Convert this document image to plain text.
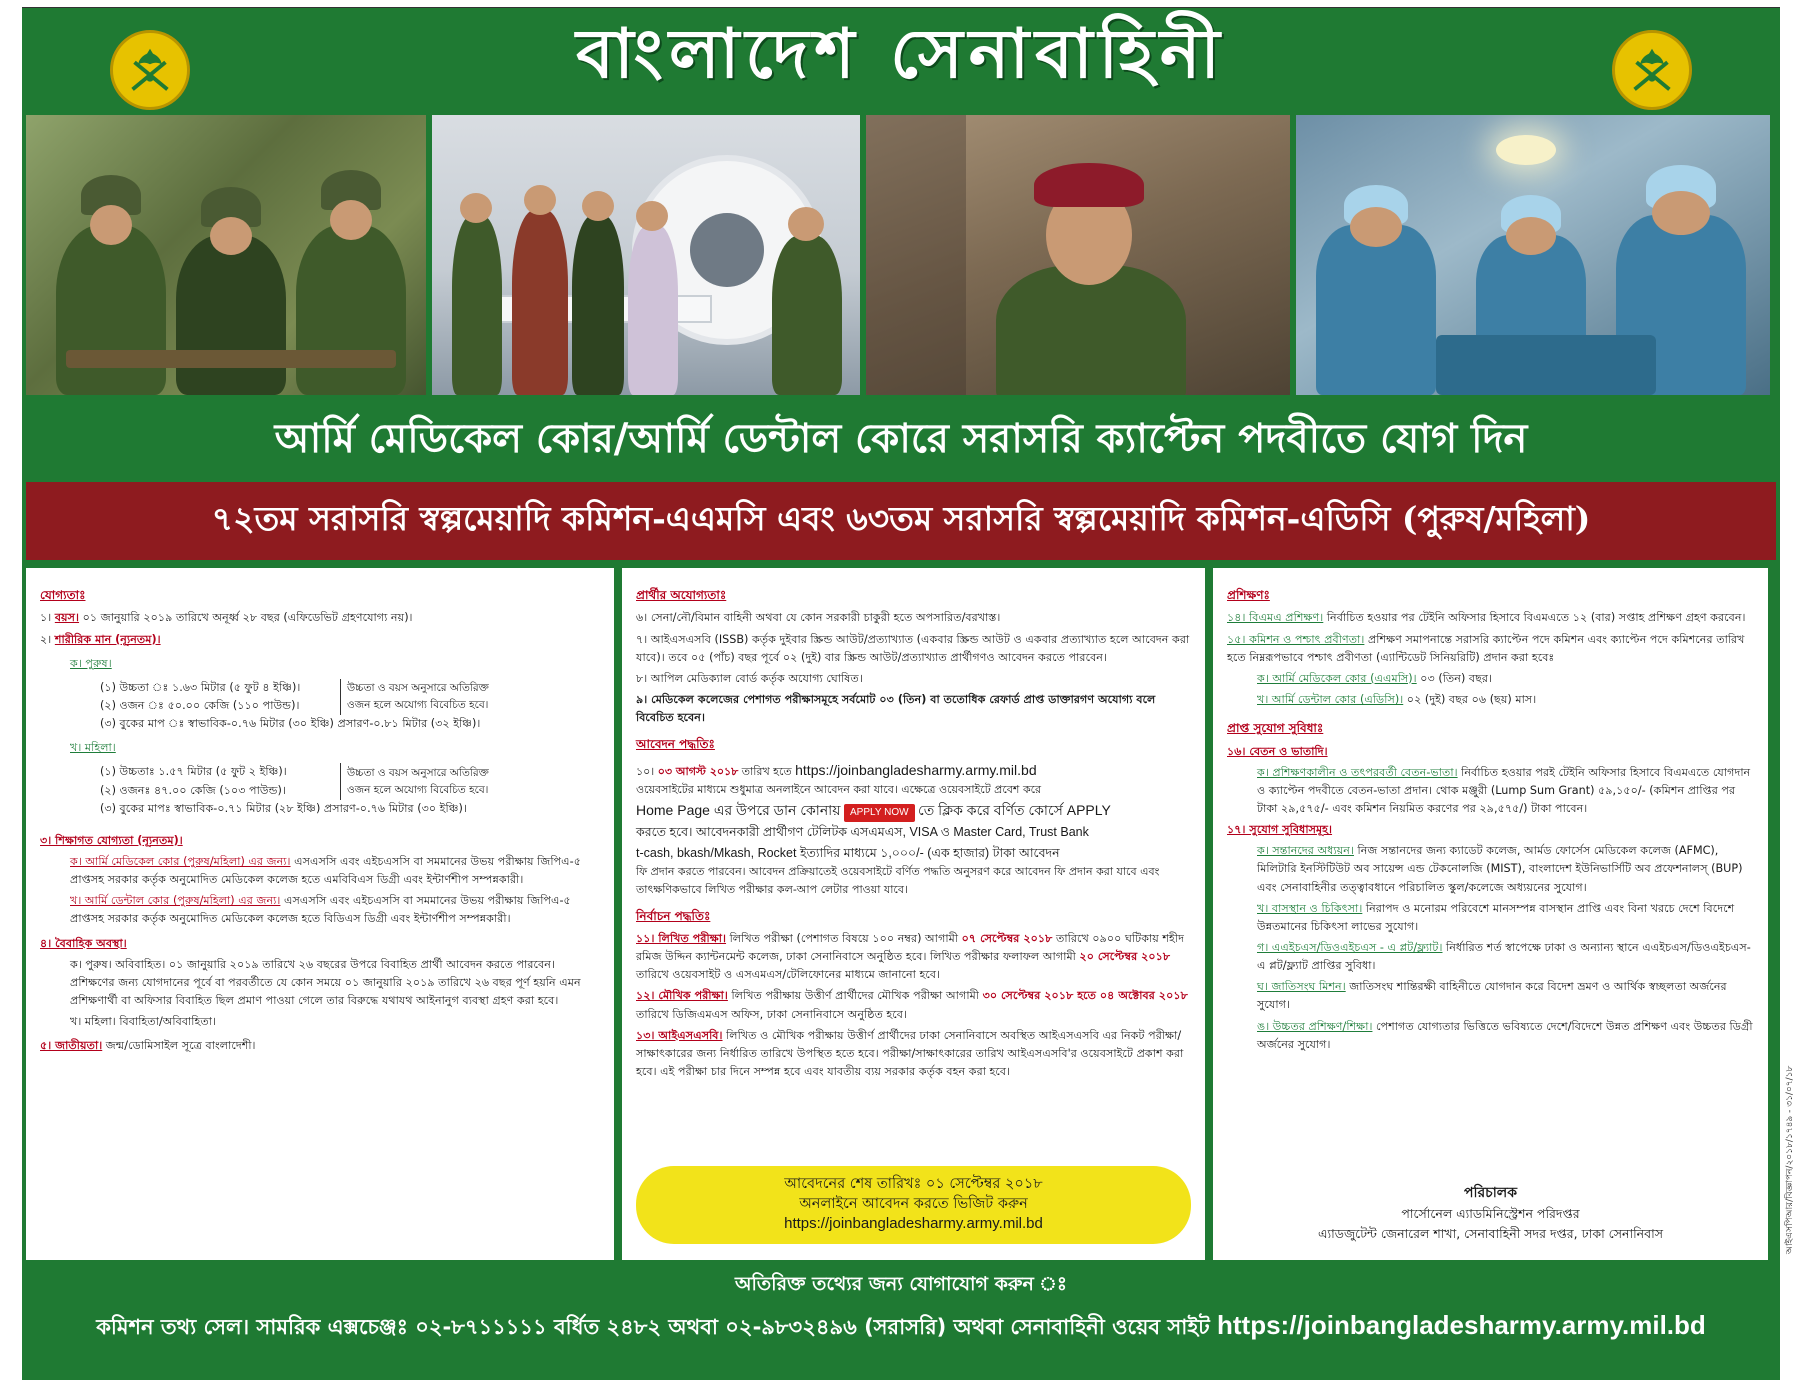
বাংলাদেশ সেনাবাহিনী
আর্মি মেডিকেল কোর/আর্মি ডেন্টাল কোরে সরাসরি ক্যাপ্টেন পদবীতে যোগ দিন
৭২তম সরাসরি স্বল্পমেয়াদি কমিশন-এএমসি এবং ৬৩তম সরাসরি স্বল্পমেয়াদি কমিশন-এডিসি (পুরুষ/মহিলা)
যোগ্যতাঃ
১। বয়স। ০১ জানুয়ারি ২০১৯ তারিখে অনূর্ধ্ব ২৮ বছর (এফিডেভিট গ্রহণযোগ্য নয়)।
২। শারীরিক মান (ন্যূনতম)।
ক। পুরুষ।
(১) উচ্চতা ঃ ১.৬৩ মিটার (৫ ফুট ৪ ইঞ্চি)।
(২) ওজন ঃ ৫০.০০ কেজি (১১০ পাউন্ড)।
উচ্চতা ও বয়স অনুসারে অতিরিক্ত
ওজন হলে অযোগ্য বিবেচিত হবে।
(৩) বুকের মাপ ঃ স্বাভাবিক-০.৭৬ মিটার (৩০ ইঞ্চি) প্রসারণ-০.৮১ মিটার (৩২ ইঞ্চি)।
খ। মহিলা।
(১) উচ্চতাঃ ১.৫৭ মিটার (৫ ফুট ২ ইঞ্চি)।
(২) ওজনঃ ৪৭.০০ কেজি (১০৩ পাউন্ড)।
উচ্চতা ও বয়স অনুসারে অতিরিক্ত
ওজন হলে অযোগ্য বিবেচিত হবে।
(৩) বুকের মাপঃ স্বাভাবিক-০.৭১ মিটার (২৮ ইঞ্চি) প্রসারণ-০.৭৬ মিটার (৩০ ইঞ্চি)।
৩। শিক্ষাগত যোগ্যতা (ন্যূনতম)।
ক। আর্মি মেডিকেল কোর (পুরুষ/মহিলা) এর জন্য। এসএসসি এবং এইচএসসি বা সমমানের উভয় পরীক্ষায় জিপিএ-৫ প্রাপ্তসহ সরকার কর্তৃক অনুমোদিত মেডিকেল কলেজ হতে এমবিবিএস ডিগ্রী এবং ইন্টার্ণশীপ সম্পন্নকারী।
খ। আর্মি ডেন্টাল কোর (পুরুষ/মহিলা) এর জন্য। এসএসসি এবং এইচএসসি বা সমমানের উভয় পরীক্ষায় জিপিএ-৫ প্রাপ্তসহ সরকার কর্তৃক অনুমোদিত মেডিকেল কলেজ হতে বিডিএস ডিগ্রী এবং ইন্টার্ণশীপ সম্পন্নকারী।
৪। বৈবাহিক অবস্থা।
ক। পুরুষ। অবিবাহিত। ০১ জানুয়ারি ২০১৯ তারিখে ২৬ বছরের উপরে বিবাহিত প্রার্থী আবেদন করতে পারবেন। প্রশিক্ষণের জন্য যোগদানের পূর্বে বা পরবর্তীতে যে কোন সময়ে ০১ জানুয়ারি ২০১৯ তারিখে ২৬ বছর পূর্ণ হয়নি এমন প্রশিক্ষণার্থী বা অফিসার বিবাহিত ছিল প্রমাণ পাওয়া গেলে তার বিরুদ্ধে যথাযথ আইনানুগ ব্যবস্থা গ্রহণ করা হবে।
খ। মহিলা। বিবাহিতা/অবিবাহিতা।
৫। জাতীয়তা। জন্ম/ডোমিসাইল সূত্রে বাংলাদেশী।
প্রার্থীর অযোগ্যতাঃ
৬। সেনা/নৌ/বিমান বাহিনী অথবা যে কোন সরকারী চাকুরী হতে অপসারিত/বরখাস্ত।
৭। আইএসএসবি (ISSB) কর্তৃক দুইবার স্ক্রিন্ড আউট/প্রত্যাখ্যাত (একবার স্ক্রিন্ড আউট ও একবার প্রত্যাখ্যাত হলে আবেদন করা যাবে)। তবে ০৫ (পাঁচ) বছর পূর্বে ০২ (দুই) বার স্ক্রিন্ড আউট/প্রত্যাখ্যাত প্রার্থীগণও আবেদন করতে পারবেন।
৮। আপিল মেডিক্যাল বোর্ড কর্তৃক অযোগ্য ঘোষিত।
৯। মেডিকেল কলেজের পেশাগত পরীক্ষাসমূহে সর্বমোট ০৩ (তিন) বা ততোধিক রেফার্ড প্রাপ্ত ডাক্তারগণ অযোগ্য বলে বিবেচিত হবেন।
আবেদন পদ্ধতিঃ
১০। ০৩ আগস্ট ২০১৮ তারিখ হতে https://joinbangladesharmy.army.mil.bd
ওয়েবসাইটের মাধ্যমে শুধুমাত্র অনলাইনে আবেদন করা যাবে। এক্ষেত্রে ওয়েবসাইটে প্রবেশ করে
Home Page এর উপরে ডান কোনায় APPLY NOW তে ক্লিক করে বর্ণিত কোর্সে APPLY
করতে হবে। আবেদনকারী প্রার্থীগণ টেলিটক এসএমএস, VISA ও Master Card, Trust Bank
t-cash, bkash/Mkash, Rocket ইত্যাদির মাধ্যমে ১,০০০/- (এক হাজার) টাকা আবেদন
ফি প্রদান করতে পারবেন। আবেদন প্রক্রিয়াতেই ওয়েবসাইটে বর্ণিত পদ্ধতি অনুসরণ করে আবেদন ফি প্রদান করা যাবে এবং তাৎক্ষণিকভাবে লিখিত পরীক্ষার কল-আপ লেটার পাওয়া যাবে।
নির্বাচন পদ্ধতিঃ
১১। লিখিত পরীক্ষা। লিখিত পরীক্ষা (পেশাগত বিষয়ে ১০০ নম্বর) আগামী ০৭ সেপ্টেম্বর ২০১৮ তারিখে ০৯০০ ঘটিকায় শহীদ রমিজ উদ্দিন ক্যান্টনমেন্ট কলেজ, ঢাকা সেনানিবাসে অনুষ্ঠিত হবে। লিখিত পরীক্ষার ফলাফল আগামী ২০ সেপ্টেম্বর ২০১৮ তারিখে ওয়েবসাইট ও এসএমএস/টেলিফোনের মাধ্যমে জানানো হবে।
১২। মৌখিক পরীক্ষা। লিখিত পরীক্ষায় উত্তীর্ণ প্রার্থীদের মৌখিক পরীক্ষা আগামী ৩০ সেপ্টেম্বর ২০১৮ হতে ০৪ অক্টোবর ২০১৮ তারিখে ডিজিএমএস অফিস, ঢাকা সেনানিবাসে অনুষ্ঠিত হবে।
১৩। আইএসএসবি। লিখিত ও মৌখিক পরীক্ষায় উত্তীর্ণ প্রার্থীদের ঢাকা সেনানিবাসে অবস্থিত আইএসএসবি এর নিকট পরীক্ষা/সাক্ষাৎকারের জন্য নির্ধারিত তারিখে উপস্থিত হতে হবে। পরীক্ষা/সাক্ষাৎকারের তারিখ আইএসএসবি'র ওয়েবসাইটে প্রকাশ করা হবে। এই পরীক্ষা চার দিনে সম্পন্ন হবে এবং যাবতীয় ব্যয় সরকার কর্তৃক বহন করা হবে।
আবেদনের শেষ তারিখঃ ০১ সেপ্টেম্বর ২০১৮
অনলাইনে আবেদন করতে ভিজিট করুন
https://joinbangladesharmy.army.mil.bd
প্রশিক্ষণঃ
১৪। বিএমএ প্রশিক্ষণ। নির্বাচিত হওয়ার পর টেইনি অফিসার হিসাবে বিএমএতে ১২ (বার) সপ্তাহ প্রশিক্ষণ গ্রহণ করবেন।
১৫। কমিশন ও পশ্চাৎ প্রবীণতা। প্রশিক্ষণ সমাপনান্তে সরাসরি ক্যাপ্টেন পদে কমিশন এবং ক্যাপ্টেন পদে কমিশনের তারিখ হতে নিম্নরূপভাবে পশ্চাৎ প্রবীণতা (এ্যান্টিডেট সিনিয়রিটি) প্রদান করা হবেঃ
ক। আর্মি মেডিকেল কোর (এএমসি)। ০৩ (তিন) বছর।
খ। আর্মি ডেন্টাল কোর (এডিসি)। ০২ (দুই) বছর ০৬ (ছয়) মাস।
প্রাপ্ত সুযোগ সুবিধাঃ
১৬। বেতন ও ভাতাদি।
ক। প্রশিক্ষণকালীন ও তৎপরবর্তী বেতন-ভাতা। নির্বাচিত হওয়ার পরই টেইনি অফিসার হিসাবে বিএমএতে যোগদান ও ক্যাপ্টেন পদবীতে বেতন-ভাতা প্রদান। থোক মঞ্জুরী (Lump Sum Grant) ৫৯,১৫০/- (কমিশন প্রাপ্তির পর টাকা ২৯,৫৭৫/- এবং কমিশন নিয়মিত করণের পর ২৯,৫৭৫/) টাকা পাবেন।
১৭। সুযোগ সুবিধাসমূহ।
ক। সন্তানদের অধ্যয়ন। নিজ সন্তানদের জন্য ক্যাডেট কলেজ, আর্মড ফোর্সেস মেডিকেল কলেজ (AFMC), মিলিটারি ইনস্টিটিউট অব সায়েন্স এন্ড টেকনোলজি (MIST), বাংলাদেশ ইউনিভার্সিটি অব প্রফেশনালস্ (BUP) এবং সেনাবাহিনীর তত্ত্বাবধানে পরিচালিত স্কুল/কলেজে অধ্যয়নের সুযোগ।
খ। বাসস্থান ও চিকিৎসা। নিরাপদ ও মনোরম পরিবেশে মানসম্পন্ন বাসস্থান প্রাপ্তি এবং বিনা খরচে দেশে বিদেশে উন্নতমানের চিকিৎসা লাভের সুযোগ।
গ। এএইচএস/ডিওএইচএস - এ প্লট/ফ্ল্যাট। নির্ধারিত শর্ত স্বাপেক্ষে ঢাকা ও অন্যান্য স্থানে এএইচএস/ডিওএইচএস-এ প্লট/ফ্ল্যাট প্রাপ্তির সুবিধা।
ঘ। জাতিসংঘ মিশন। জাতিসংঘ শান্তিরক্ষী বাহিনীতে যোগদান করে বিদেশ ভ্রমণ ও আর্থিক স্বচ্ছলতা অর্জনের সুযোগ।
ঙ। উচ্চতর প্রশিক্ষণ/শিক্ষা। পেশাগত যোগ্যতার ভিত্তিতে ভবিষ্যতে দেশে/বিদেশে উন্নত প্রশিক্ষণ এবং উচ্চতর ডিগ্রী অর্জনের সুযোগ।
পরিচালক
পার্সোনেল এ্যাডমিনিস্ট্রেশন পরিদপ্তর
এ্যাডজুটেন্ট জেনারেল শাখা, সেনাবাহিনী সদর দপ্তর, ঢাকা সেনানিবাস
অতিরিক্ত তথ্যের জন্য যোগাযোগ করুন ঃ
কমিশন তথ্য সেল। সামরিক এক্সচেঞ্জঃ ০২-৮৭১১১১১ বর্ধিত ২৪৮২ অথবা ০২-৯৮৩২৪৯৬ (সরাসরি) অথবা সেনাবাহিনী ওয়েব সাইট https://joinbangladesharmy.army.mil.bd
আইএসপিআর/বিজ্ঞাপন/২০১৮/১৭৪৯ - ৩১/০৭/১৮
